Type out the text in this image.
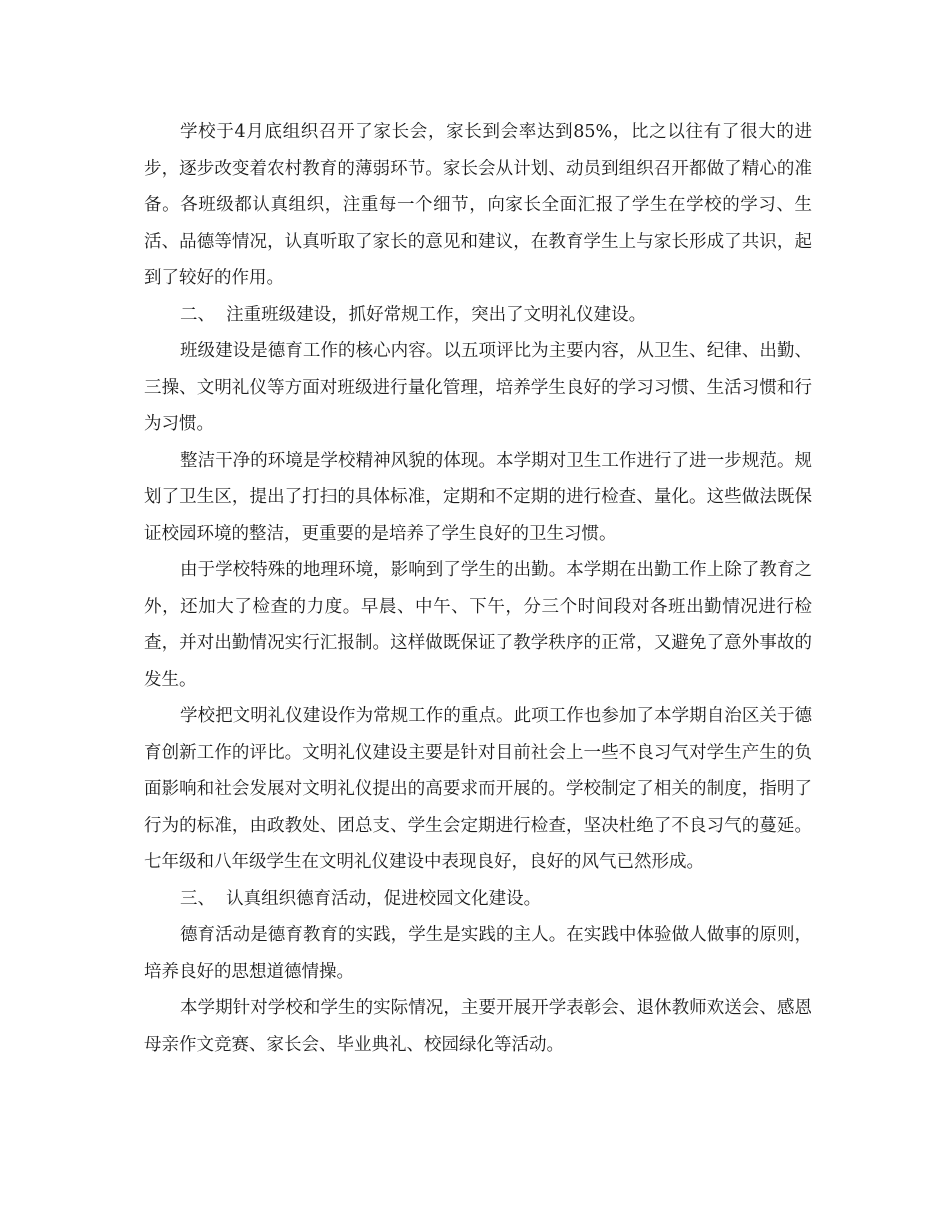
学校于4月底组织召开了家长会，家长到会率达到85%，比之以往有了很大的进步，逐步改变着农村教育的薄弱环节。家长会从计划、动员到组织召开都做了精心的准备。各班级都认真组织，注重每一个细节，向家长全面汇报了学生在学校的学习、生活、品德等情况，认真听取了家长的意见和建议，在教育学生上与家长形成了共识，起到了较好的作用。

二、  注重班级建设，抓好常规工作，突出了文明礼仪建设。

班级建设是德育工作的核心内容。以五项评比为主要内容，从卫生、纪律、出勤、三操、文明礼仪等方面对班级进行量化管理，培养学生良好的学习习惯、生活习惯和行为习惯。

整洁干净的环境是学校精神风貌的体现。本学期对卫生工作进行了进一步规范。规划了卫生区，提出了打扫的具体标准，定期和不定期的进行检查、量化。这些做法既保证校园环境的整洁，更重要的是培养了学生良好的卫生习惯。

由于学校特殊的地理环境，影响到了学生的出勤。本学期在出勤工作上除了教育之外，还加大了检查的力度。早晨、中午、下午，分三个时间段对各班出勤情况进行检查，并对出勤情况实行汇报制。这样做既保证了教学秩序的正常，又避免了意外事故的发生。

学校把文明礼仪建设作为常规工作的重点。此项工作也参加了本学期自治区关于德育创新工作的评比。文明礼仪建设主要是针对目前社会上一些不良习气对学生产生的负面影响和社会发展对文明礼仪提出的高要求而开展的。学校制定了相关的制度，指明了行为的标准，由政教处、团总支、学生会定期进行检查，坚决杜绝了不良习气的蔓延。七年级和八年级学生在文明礼仪建设中表现良好，良好的风气已然形成。

三、  认真组织德育活动，促进校园文化建设。

德育活动是德育教育的实践，学生是实践的主人。在实践中体验做人做事的原则，培养良好的思想道德情操。

本学期针对学校和学生的实际情况，主要开展开学表彰会、退休教师欢送会、感恩母亲作文竞赛、家长会、毕业典礼、校园绿化等活动。
